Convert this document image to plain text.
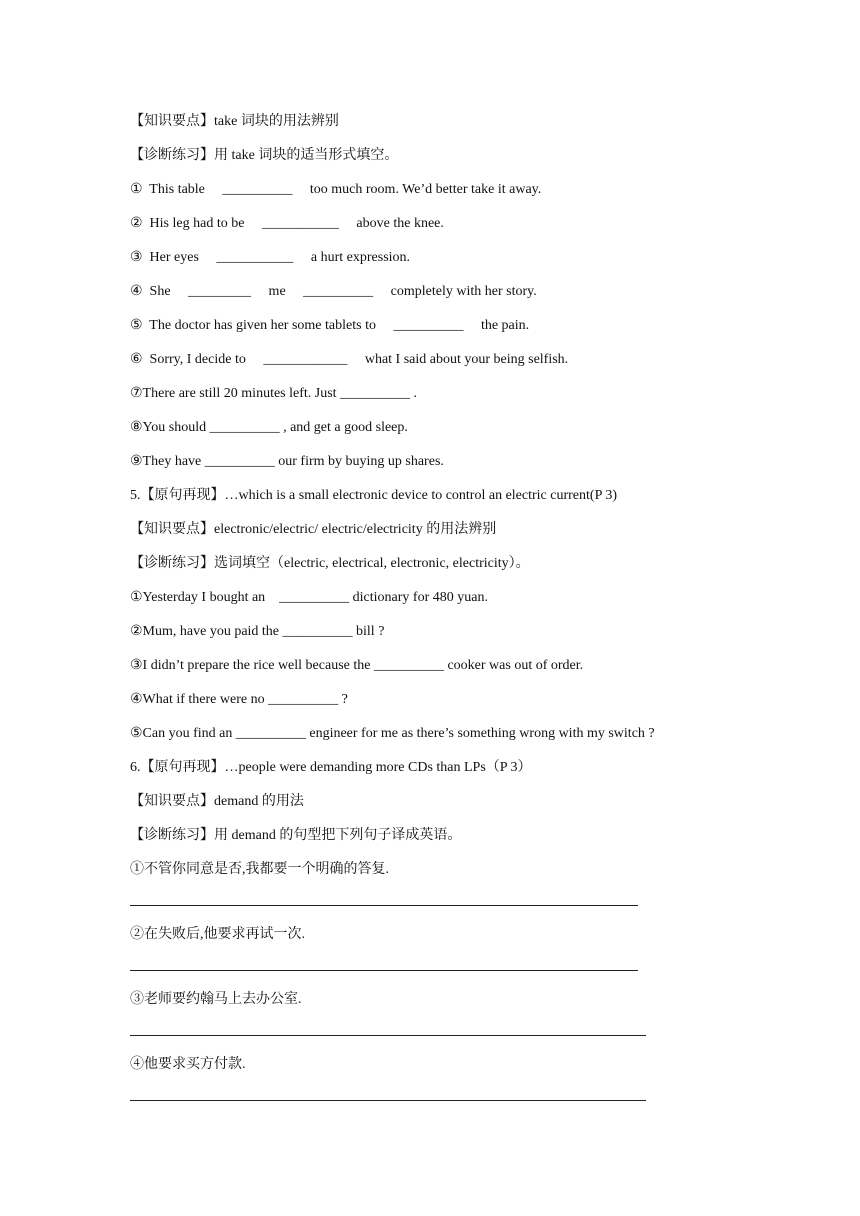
【知识要点】take 词块的用法辨别

【诊断练习】用 take 词块的适当形式填空。

①  This table     __________     too much room. We’d better take it away.

②  His leg had to be     ___________     above the knee.

③  Her eyes     ___________     a hurt expression.

④  She     _________     me     __________     completely with her story.

⑤  The doctor has given her some tablets to     __________     the pain.

⑥  Sorry, I decide to     ____________     what I said about your being selfish.

⑦There are still 20 minutes left. Just __________ .

⑧You should __________ , and get a good sleep.

⑨They have __________ our firm by buying up shares.

5.【原句再现】…which is a small electronic device to control an electric current(P 3)

【知识要点】electronic/electric/ electric/electricity 的用法辨别

【诊断练习】选词填空（electric, electrical, electronic, electricity）。

①Yesterday I bought an    __________ dictionary for 480 yuan.

②Mum, have you paid the __________ bill ?

③I didn’t prepare the rice well because the __________ cooker was out of order.

④What if there were no __________ ?

⑤Can you find an __________ engineer for me as there’s something wrong with my switch ?

6.【原句再现】…people were demanding more CDs than LPs（P 3）

【知识要点】demand 的用法

【诊断练习】用 demand 的句型把下列句子译成英语。

①不管你同意是否,我都要一个明确的答复.

②在失败后,他要求再试一次.

③老师要约翰马上去办公室.

④他要求买方付款.
